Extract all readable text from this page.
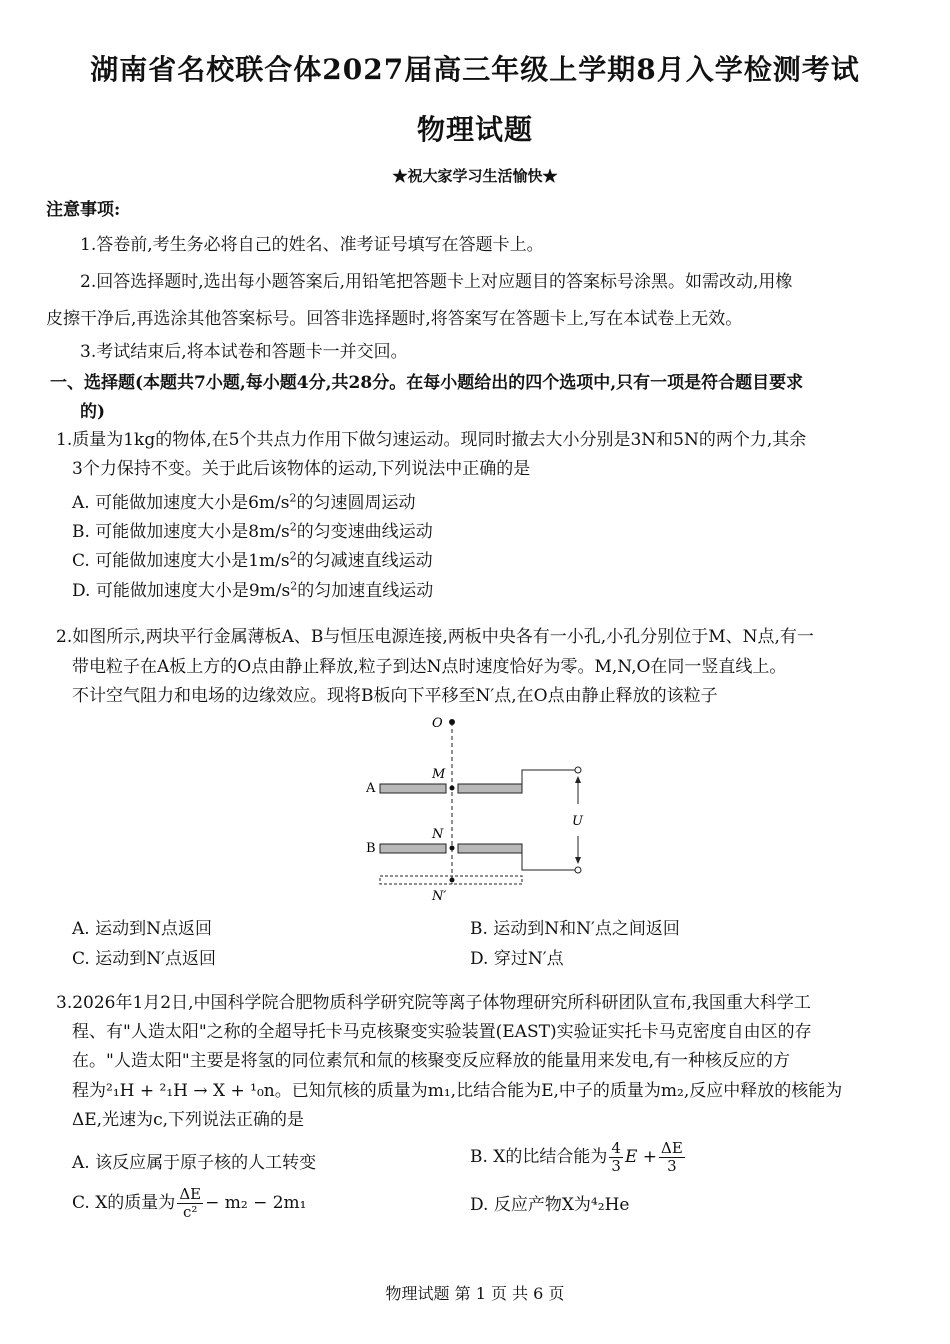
湖南省名校联合体2027届高三年级上学期8月入学检测考试
物理试题
★祝大家学习生活愉快★
注意事项:
1.答卷前,考生务必将自己的姓名、准考证号填写在答题卡上。
2.回答选择题时,选出每小题答案后,用铅笔把答题卡上对应题目的答案标号涂黑。如需改动,用橡
皮擦干净后,再选涂其他答案标号。回答非选择题时,将答案写在答题卡上,写在本试卷上无效。
3.考试结束后,将本试卷和答题卡一并交回。
一、选择题(本题共7小题,每小题4分,共28分。在每小题给出的四个选项中,只有一项是符合题目要求
的)
1.质量为1kg的物体,在5个共点力作用下做匀速运动。现同时撤去大小分别是3N和5N的两个力,其余
3个力保持不变。关于此后该物体的运动,下列说法中正确的是
A. 可能做加速度大小是$6m/s^2$的匀速圆周运动
B. 可能做加速度大小是$8m/s^2$的匀变速曲线运动
C. 可能做加速度大小是$1m/s^2$的匀减速直线运动
D. 可能做加速度大小是$9m/s^2$的匀加速直线运动
2.如图所示,两块平行金属薄板A、B与恒压电源连接,两板中央各有一小孔,小孔分别位于M、N点,有一
带电粒子在A板上方的O点由静止释放,粒子到达N点时速度恰好为零。M,N,O在同一竖直线上。
不计空气阻力和电场的边缘效应。现将B板向下平移至N′点,在O点由静止释放的该粒子
O
M
A
N
B
N′
U
A. 运动到N点返回	B. 运动到N和N′点之间返回
C. 运动到N′点返回	D. 穿过N′点
3.2026年1月2日,中国科学院合肥物质科学研究院等离子体物理研究所科研团队宣布,我国重大科学工
程、有"人造太阳"之称的全超导托卡马克核聚变实验装置(EAST)实验证实托卡马克密度自由区的存
在。"人造太阳"主要是将氢的同位素氘和氚的核聚变反应释放的能量用来发电,有一种核反应的方
程为²₁H + ²₁H → X + ¹₀n。已知氘核的质量为m₁,比结合能为E,中子的质量为m₂,反应中释放的核能为
ΔE,光速为c,下列说法正确的是
A. 该反应属于原子核的人工转变	B. X的比结合能为 $\frac{4}{3}$ $E + \frac{\Delta E}{3}$
C. X的质量为 $\frac{\Delta E}{\text{c²}} - m_2 - 2m_1$	D. 反应产物X为⁴₂He
物理试题 第 1 页 共 6 页
